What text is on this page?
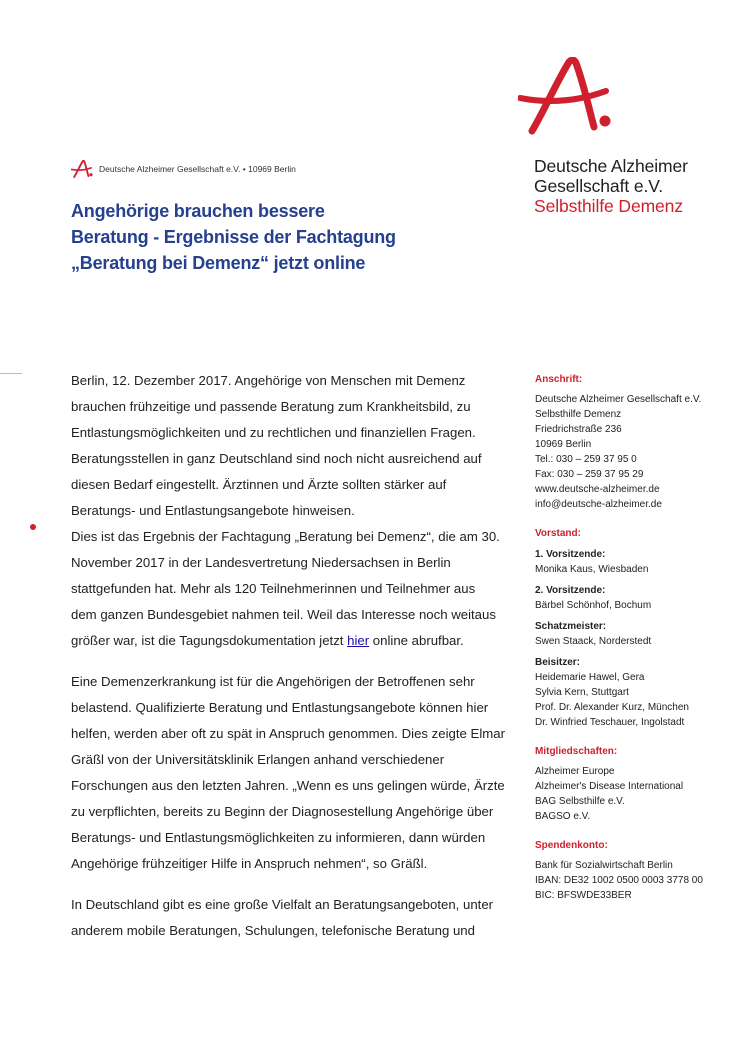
Deutsche Alzheimer
Gesellschaft e.V.
Selbsthilfe Demenz
Deutsche Alzheimer Gesellschaft e.V. • 10969 Berlin
Angehörige brauchen bessere
Beratung - Ergebnisse der Fachtagung
„Beratung bei Demenz“ jetzt online

Berlin, 12. Dezember 2017. Angehörige von Menschen mit Demenz
brauchen frühzeitige und passende Beratung zum Krankheitsbild, zu
Entlastungsmöglichkeiten und zu rechtlichen und finanziellen Fragen.
Beratungsstellen in ganz Deutschland sind noch nicht ausreichend auf
diesen Bedarf eingestellt. Ärztinnen und Ärzte sollten stärker auf
Beratungs- und Entlastungsangebote hinweisen.

Dies ist das Ergebnis der Fachtagung „Beratung bei Demenz“, die am 30.
November 2017 in der Landesvertretung Niedersachsen in Berlin
stattgefunden hat. Mehr als 120 Teilnehmerinnen und Teilnehmer aus
dem ganzen Bundesgebiet nahmen teil. Weil das Interesse noch weitaus
größer war, ist die Tagungsdokumentation jetzt hier online abrufbar.

Eine Demenzerkrankung ist für die Angehörigen der Betroffenen sehr
belastend. Qualifizierte Beratung und Entlastungsangebote können hier
helfen, werden aber oft zu spät in Anspruch genommen. Dies zeigte Elmar
Gräßl von der Universitätsklinik Erlangen anhand verschiedener
Forschungen aus den letzten Jahren. „Wenn es uns gelingen würde, Ärzte
zu verpflichten, bereits zu Beginn der Diagnosestellung Angehörige über
Beratungs- und Entlastungsmöglichkeiten zu informieren, dann würden
Angehörige frühzeitiger Hilfe in Anspruch nehmen“, so Gräßl.

In Deutschland gibt es eine große Vielfalt an Beratungsangeboten, unter
anderem mobile Beratungen, Schulungen, telefonische Beratung und

Anschrift:
Deutsche Alzheimer Gesellschaft e.V.
Selbsthilfe Demenz
Friedrichstraße 236
10969 Berlin
Tel.: 030 – 259 37 95 0
Fax: 030 – 259 37 95 29
www.deutsche-alzheimer.de
info@deutsche-alzheimer.de
Vorstand:
1. Vorsitzende:
Monika Kaus, Wiesbaden
2. Vorsitzende:
Bärbel Schönhof, Bochum
Schatzmeister:
Swen Staack, Norderstedt
Beisitzer:
Heidemarie Hawel, Gera
Sylvia Kern, Stuttgart
Prof. Dr. Alexander Kurz, München
Dr. Winfried Teschauer, Ingolstadt
Mitgliedschaften:
Alzheimer Europe
Alzheimer's Disease International
BAG Selbsthilfe e.V.
BAGSO e.V.
Spendenkonto:
Bank für Sozialwirtschaft Berlin
IBAN: DE32 1002 0500 0003 3778 00
BIC: BFSWDE33BER
